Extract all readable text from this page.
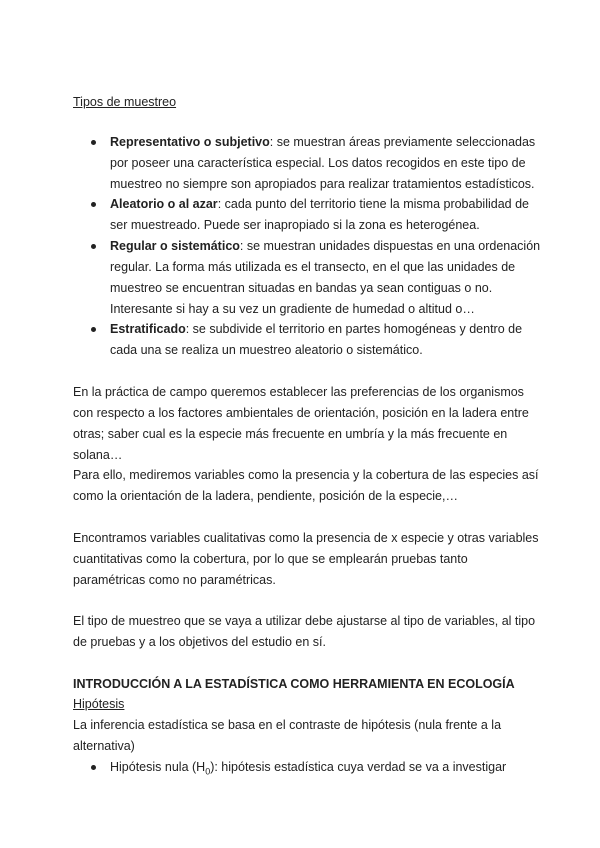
Tipos de muestreo
Representativo o subjetivo: se muestran áreas previamente seleccionadas
por poseer una característica especial. Los datos recogidos en este tipo de
muestreo no siempre son apropiados para realizar tratamientos estadísticos.
Aleatorio o al azar: cada punto del territorio tiene la misma probabilidad de
ser muestreado. Puede ser inapropiado si la zona es heterogénea.
Regular o sistemático: se muestran unidades dispuestas en una ordenación
regular. La forma más utilizada es el transecto, en el que las unidades de
muestreo se encuentran situadas en bandas ya sean contiguas o no.
Interesante si hay a su vez un gradiente de humedad o altitud o…
Estratificado: se subdivide el territorio en partes homogéneas y dentro de
cada una se realiza un muestreo aleatorio o sistemático.
En la práctica de campo queremos establecer las preferencias de los organismos
con respecto a los factores ambientales de orientación, posición en la ladera entre
otras; saber cual es la especie más frecuente en umbría y la más frecuente en
solana…
Para ello, mediremos variables como la presencia y la cobertura de las especies así
como la orientación de la ladera, pendiente, posición de la especie,…
Encontramos variables cualitativas como la presencia de x especie y otras variables
cuantitativas como la cobertura, por lo que se emplearán pruebas tanto
paramétricas como no paramétricas.
El tipo de muestreo que se vaya a utilizar debe ajustarse al tipo de variables, al tipo
de pruebas y a los objetivos del estudio en sí.
INTRODUCCIÓN A LA ESTADÍSTICA COMO HERRAMIENTA EN ECOLOGÍA
Hipótesis
La inferencia estadística se basa en el contraste de hipótesis (nula frente a la
alternativa)
Hipótesis nula $(H_0)$: hipótesis estadística cuya verdad se va a investigar
